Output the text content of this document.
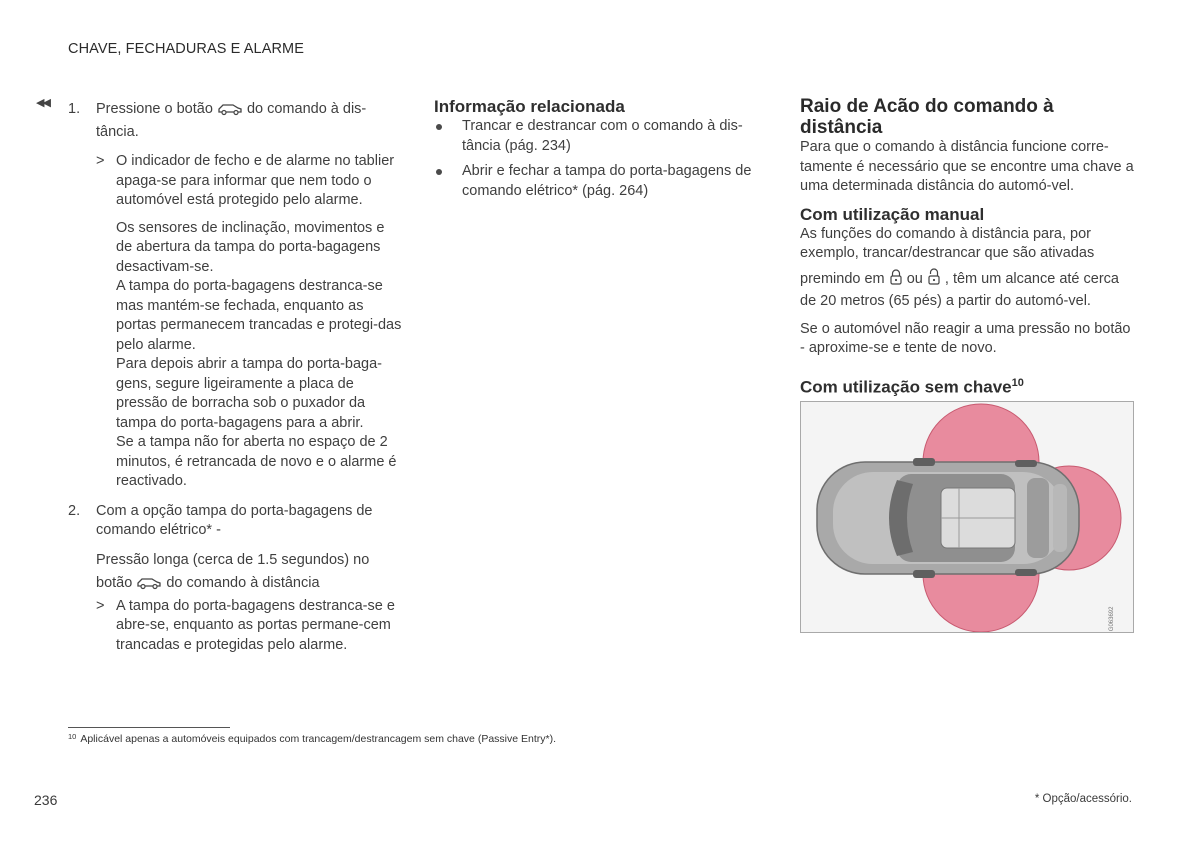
CHAVE, FECHADURAS E ALARME
◀◀ 1. Pressione o botão do comando à dis-tância.
> O indicador de fecho e de alarme no tablier apaga-se para informar que nem todo o automóvel está protegido pelo alarme.

Os sensores de inclinação, movimentos e de abertura da tampa do porta-bagagens desactivam-se.

A tampa do porta-bagagens destranca-se mas mantém-se fechada, enquanto as portas permanecem trancadas e protegi-das pelo alarme.

Para depois abrir a tampa do porta-baga-gens, segure ligeiramente a placa de pressão de borracha sob o puxador da tampa do porta-bagagens para a abrir.

Se a tampa não for aberta no espaço de 2 minutos, é retrancada de novo e o alarme é reactivado.

2. Com a opção tampa do porta-bagagens de comando elétrico* -

Pressão longa (cerca de 1.5 segundos) no

botão do comando à distância

> A tampa do porta-bagagens destranca-se e abre-se, enquanto as portas permane-cem trancadas e protegidas pelo alarme.

Informação relacionada

Trancar e destrancar com o comando à dis-tância (pág. 234)
Abrir e fechar a tampa do porta-bagagens de comando elétrico* (pág. 264)

Raio de Acão do comando à distância

Para que o comando à distância funcione corre-tamente é necessário que se encontre uma chave a uma determinada distância do automó-vel.

Com utilização manual

As funções do comando à distância para, por exemplo, trancar/destrancar que são ativadas

premindo em ou , têm um alcance até cerca de 20 metros (65 pés) a partir do automó-vel.

Se o automóvel não reagir a uma pressão no botão - aproxime-se e tente de novo.

Com utilização sem chave$^{10}$

G063692
$^{10}$ Aplicável apenas a automóveis equipados com trancagem/destrancagem sem chave (Passive Entry*).
236	* Opção/acessório.
